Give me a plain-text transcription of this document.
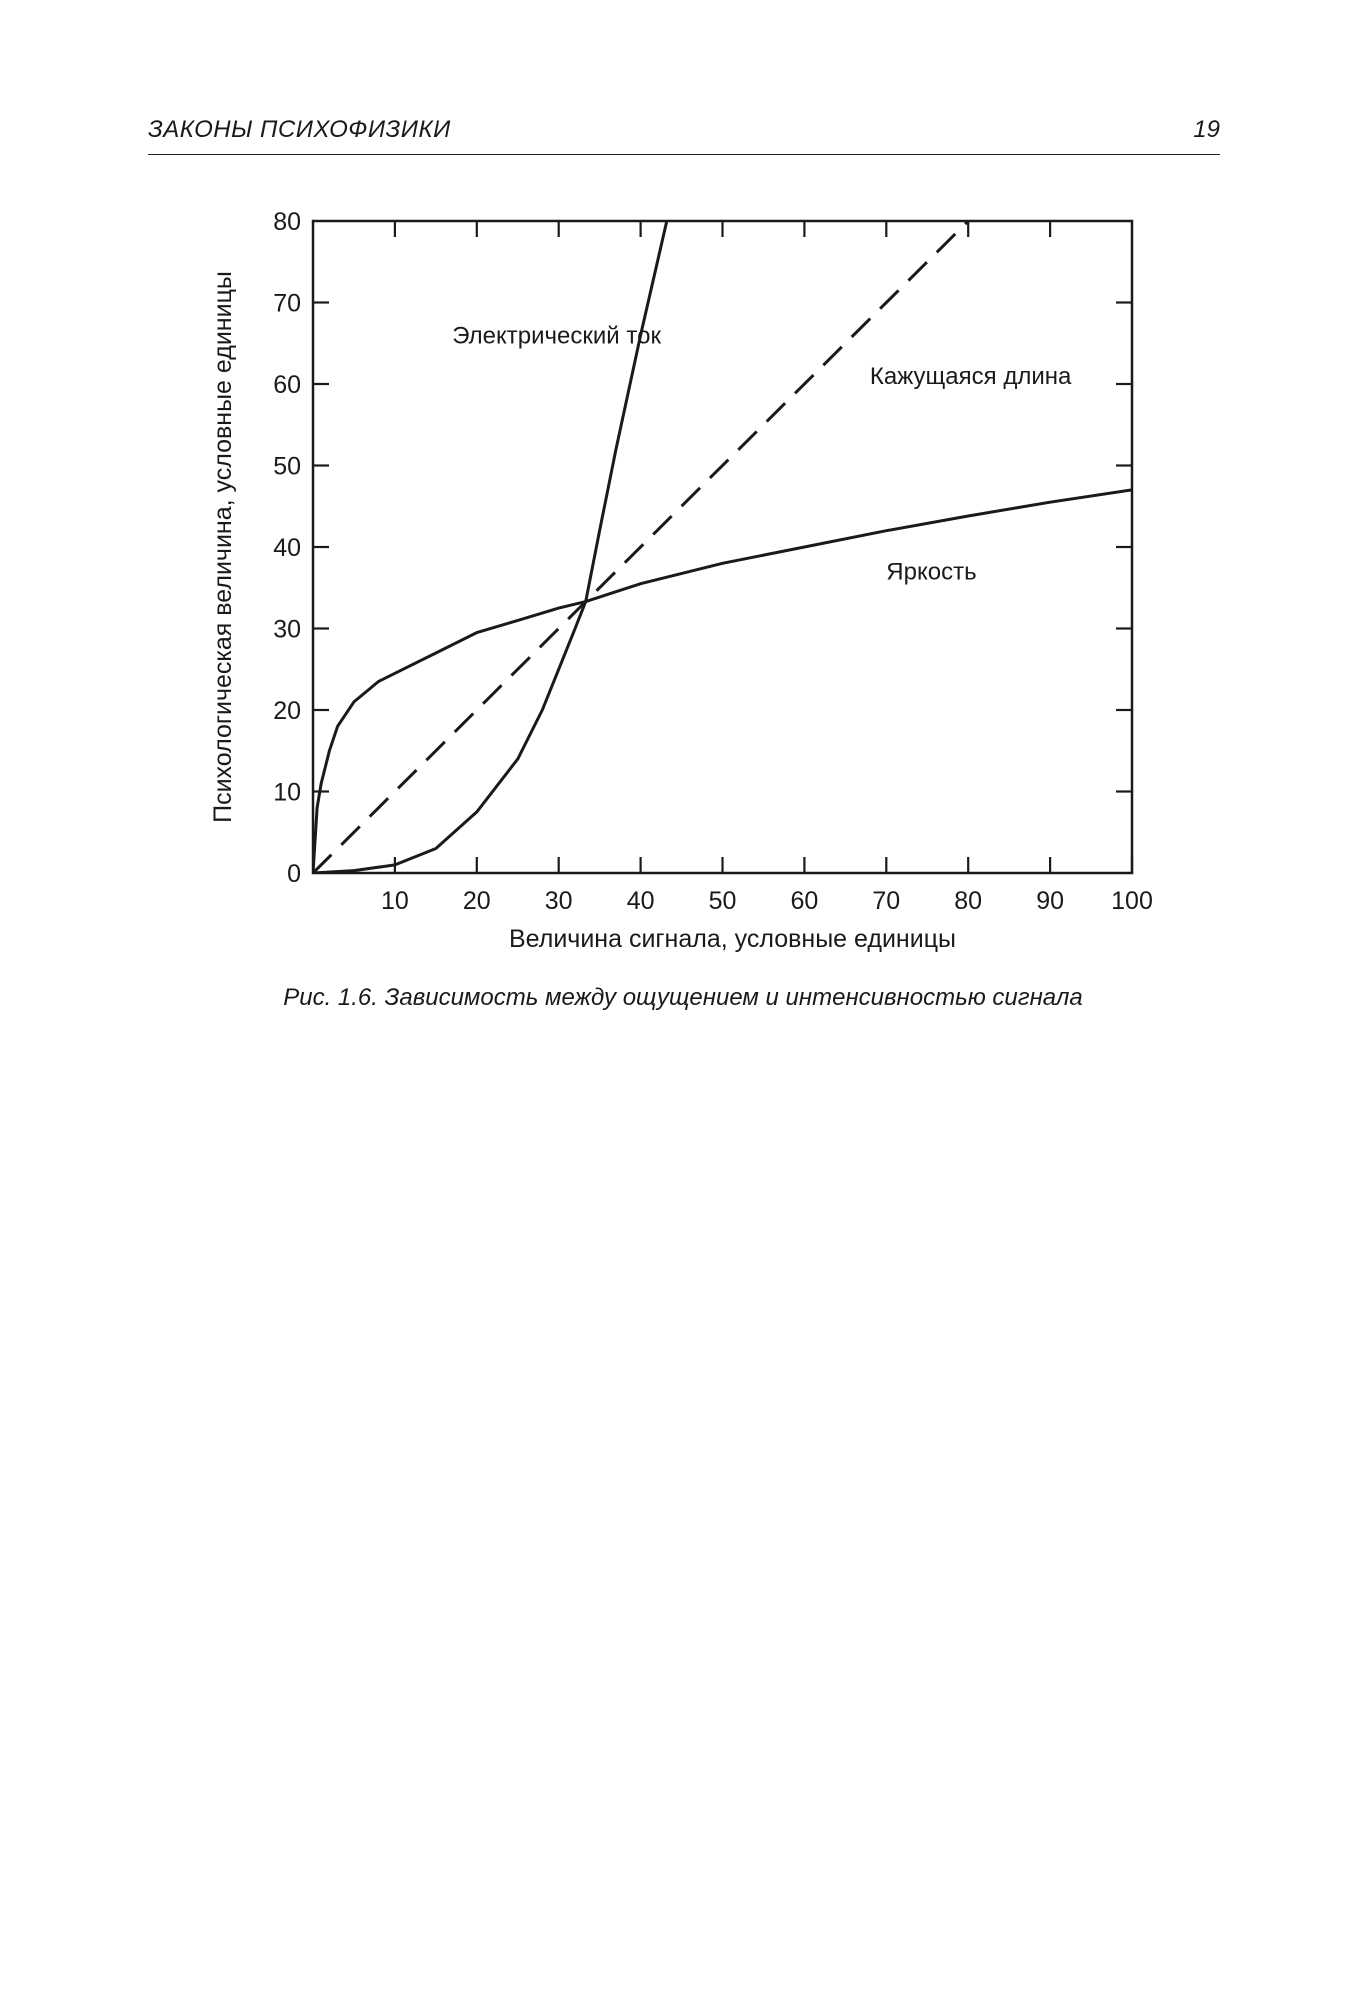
ЗАКОНЫ ПСИХОФИЗИКИ	19
10 20 30 40 50 60 70 80 90 100
0
10
20
30
40
50
60
70
80
Величина сигнала, условные единицы
Психологическая величина, условные единицы	Электрический ток
Кажущаяся длина
Яркость
Рис. 1.6. Зависимость между ощущением и интенсивностью сигнала
